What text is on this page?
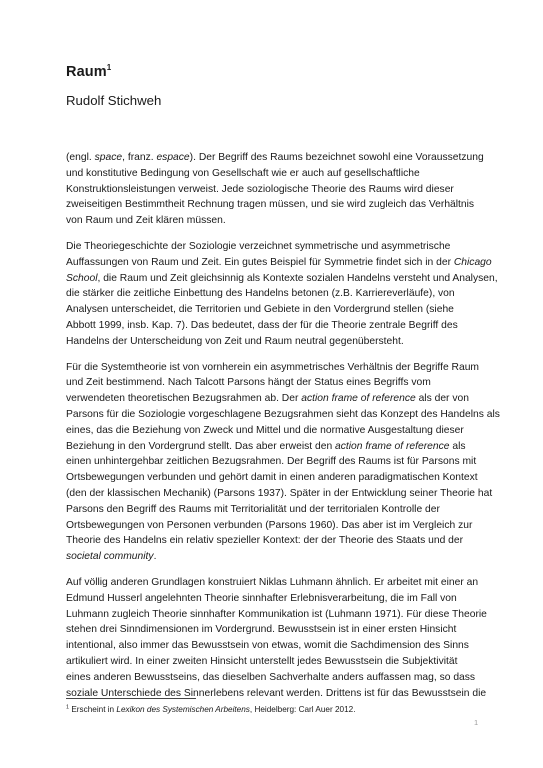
Raum$^1$
Rudolf Stichweh

(engl. space, franz. espace). Der Begriff des Raums bezeichnet sowohl eine Voraussetzung
und konstitutive Bedingung von Gesellschaft wie er auch auf gesellschaftliche
Konstruktionsleistungen verweist. Jede soziologische Theorie des Raums wird dieser
zweiseitigen Bestimmtheit Rechnung tragen müssen, und sie wird zugleich das Verhältnis
von Raum und Zeit klären müssen.

Die Theoriegeschichte der Soziologie verzeichnet symmetrische und asymmetrische
Auffassungen von Raum und Zeit. Ein gutes Beispiel für Symmetrie findet sich in der Chicago
School, die Raum und Zeit gleichsinnig als Kontexte sozialen Handelns versteht und Analysen,
die stärker die zeitliche Einbettung des Handelns betonen (z.B. Karriereverläufe), von
Analysen unterscheidet, die Territorien und Gebiete in den Vordergrund stellen (siehe
Abbott 1999, insb. Kap. 7). Das bedeutet, dass der für die Theorie zentrale Begriff des
Handelns der Unterscheidung von Zeit und Raum neutral gegenübersteht.

Für die Systemtheorie ist von vornherein ein asymmetrisches Verhältnis der Begriffe Raum
und Zeit bestimmend. Nach Talcott Parsons hängt der Status eines Begriffs vom
verwendeten theoretischen Bezugsrahmen ab. Der action frame of reference als der von
Parsons für die Soziologie vorgeschlagene Bezugsrahmen sieht das Konzept des Handelns als
eines, das die Beziehung von Zweck und Mittel und die normative Ausgestaltung dieser
Beziehung in den Vordergrund stellt. Das aber erweist den action frame of reference als
einen unhintergehbar zeitlichen Bezugsrahmen. Der Begriff des Raums ist für Parsons mit
Ortsbewegungen verbunden und gehört damit in einen anderen paradigmatischen Kontext
(den der klassischen Mechanik) (Parsons 1937). Später in der Entwicklung seiner Theorie hat
Parsons den Begriff des Raums mit Territorialität und der territorialen Kontrolle der
Ortsbewegungen von Personen verbunden (Parsons 1960). Das aber ist im Vergleich zur
Theorie des Handelns ein relativ spezieller Kontext: der der Theorie des Staats und der
societal community.

Auf völlig anderen Grundlagen konstruiert Niklas Luhmann ähnlich. Er arbeitet mit einer an
Edmund Husserl angelehnten Theorie sinnhafter Erlebnisverarbeitung, die im Fall von
Luhmann zugleich Theorie sinnhafter Kommunikation ist (Luhmann 1971). Für diese Theorie
stehen drei Sinndimensionen im Vordergrund. Bewusstsein ist in einer ersten Hinsicht
intentional, also immer das Bewusstsein von etwas, womit die Sachdimension des Sinns
artikuliert wird. In einer zweiten Hinsicht unterstellt jedes Bewusstsein die Subjektivität
eines anderen Bewusstseins, das dieselben Sachverhalte anders auffassen mag, so dass
soziale Unterschiede des Sinnerlebens relevant werden. Drittens ist für das Bewusstsein die

$^1$ Erscheint in Lexikon des Systemischen Arbeitens, Heidelberg: Carl Auer 2012.
1
